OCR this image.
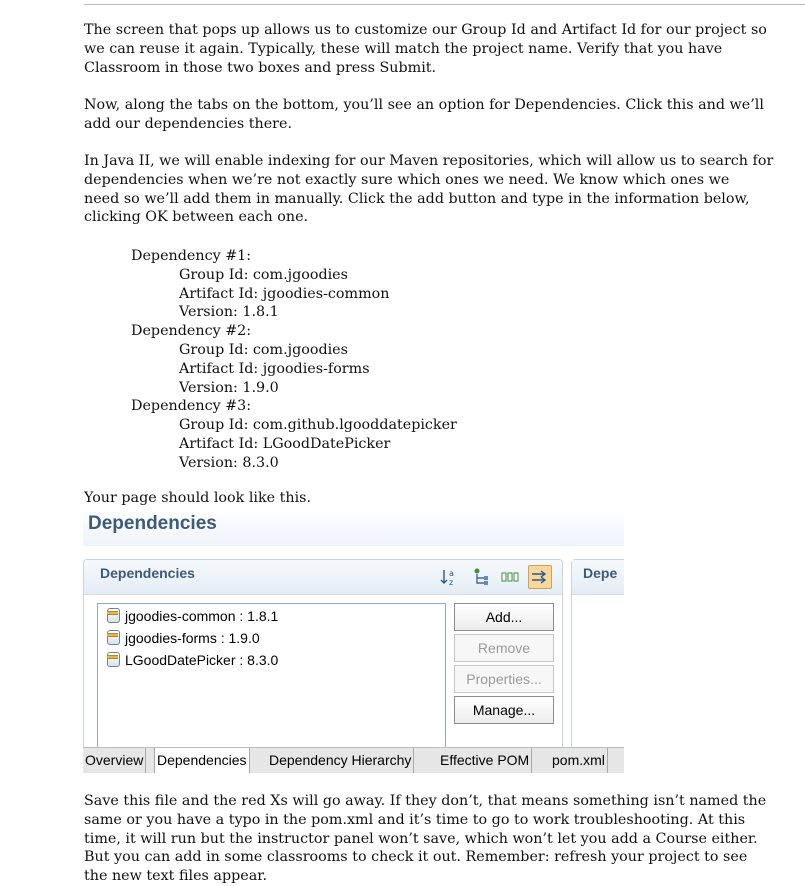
The screen that pops up allows us to customize our Group Id and Artifact Id for our project so
we can reuse it again. Typically, these will match the project name. Verify that you have
Classroom in those two boxes and press Submit.
Now, along the tabs on the bottom, you’ll see an option for Dependencies. Click this and we’ll
add our dependencies there.
In Java II, we will enable indexing for our Maven repositories, which will allow us to search for
dependencies when we’re not exactly sure which ones we need. We know which ones we
need so we’ll add them in manually. Click the add button and type in the information below,
clicking OK between each one.

Dependency #1:

Group Id: com.jgoodies

Artifact Id: jgoodies-common

Version: 1.8.1

Dependency #2:

Group Id: com.jgoodies

Artifact Id: jgoodies-forms

Version: 1.9.0

Dependency #3:

Group Id: com.github.lgooddatepicker

Artifact Id: LGoodDatePicker

Version: 8.3.0

Your page should look like this.
Dependencies
Dependencies	a
z
jgoodies-common : 1.8.1
jgoodies-forms : 1.9.0
LGoodDatePicker : 8.3.0
Add...
Remove
Properties...
Manage...
Depe
Overview Dependencies Dependency Hierarchy Effective POM pom.xml
Save this file and the red Xs will go away. If they don’t, that means something isn’t named the
same or you have a typo in the pom.xml and it’s time to go to work troubleshooting. At this
time, it will run but the instructor panel won’t save, which won’t let you add a Course either.
But you can add in some classrooms to check it out. Remember: refresh your project to see
the new text files appear.
